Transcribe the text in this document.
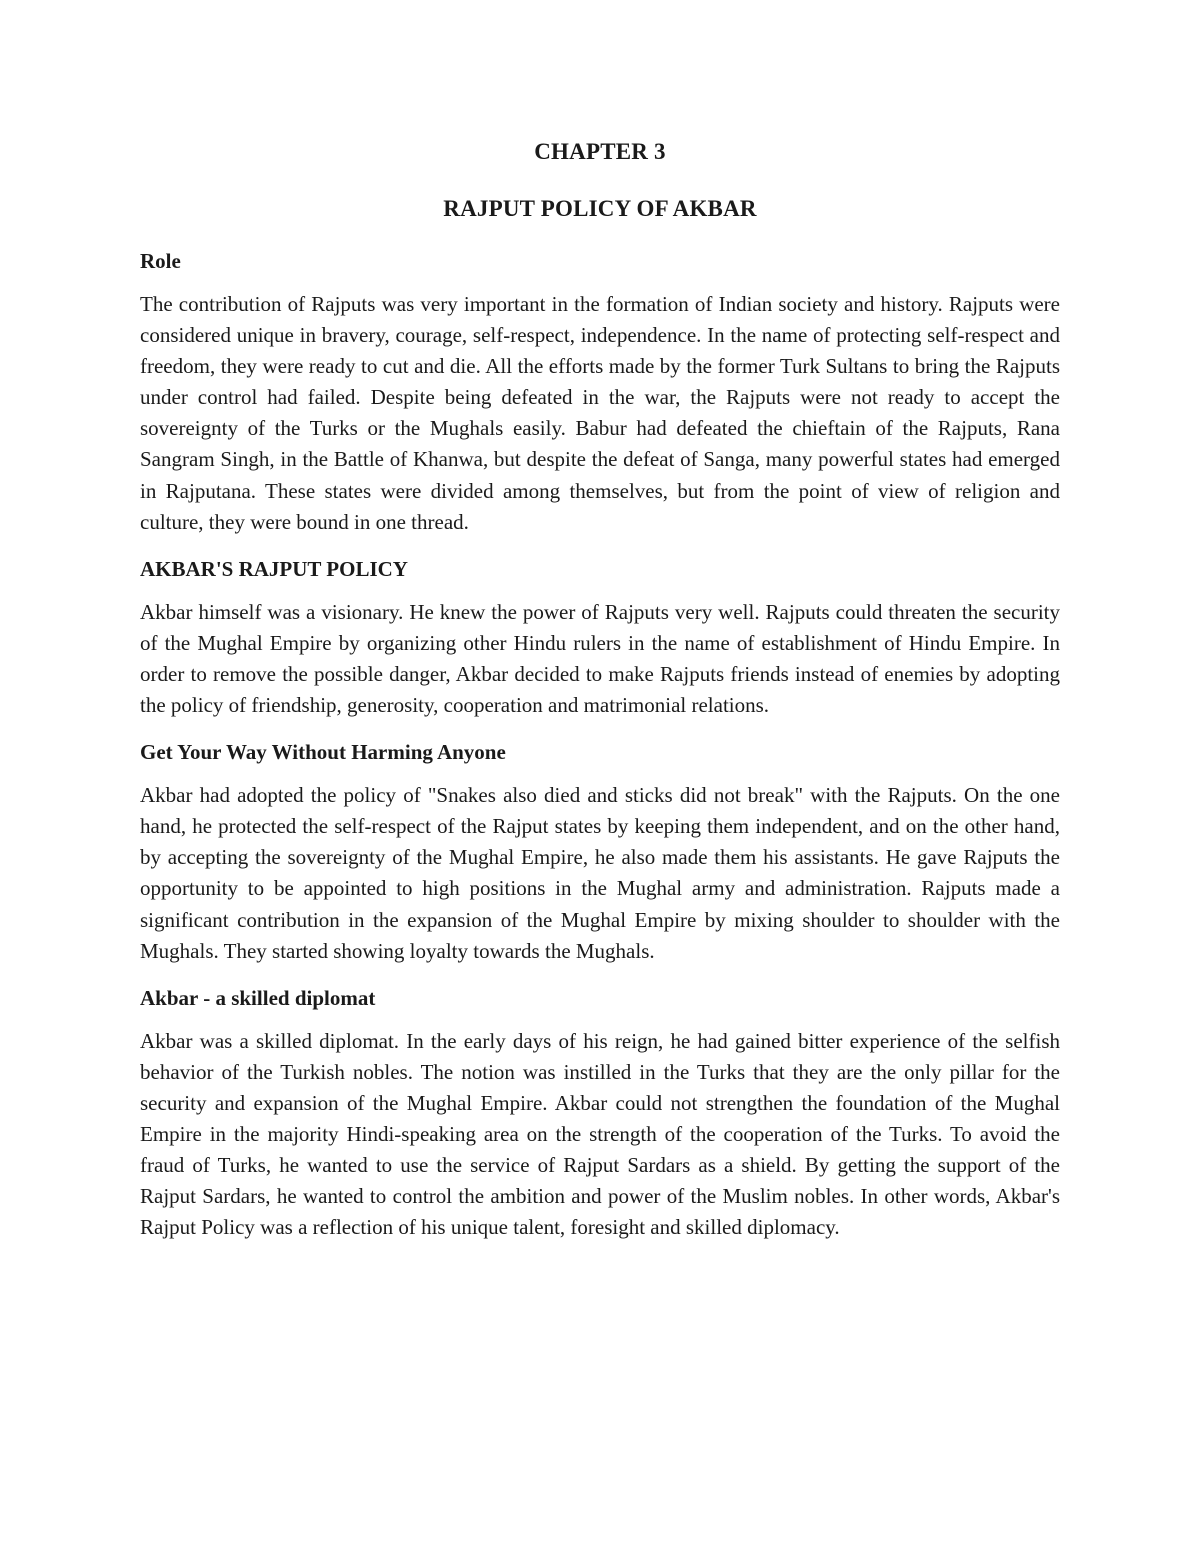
CHAPTER 3
RAJPUT POLICY OF AKBAR
Role

The contribution of Rajputs was very important in the formation of Indian society and history. Rajputs were considered unique in bravery, courage, self-respect, independence. In the name of protecting self-respect and freedom, they were ready to cut and die. All the efforts made by the former Turk Sultans to bring the Rajputs under control had failed. Despite being defeated in the war, the Rajputs were not ready to accept the sovereignty of the Turks or the Mughals easily. Babur had defeated the chieftain of the Rajputs, Rana Sangram Singh, in the Battle of Khanwa, but despite the defeat of Sanga, many powerful states had emerged in Rajputana. These states were divided among themselves, but from the point of view of religion and culture, they were bound in one thread.

AKBAR'S RAJPUT POLICY

Akbar himself was a visionary. He knew the power of Rajputs very well. Rajputs could threaten the security of the Mughal Empire by organizing other Hindu rulers in the name of establishment of Hindu Empire. In order to remove the possible danger, Akbar decided to make Rajputs friends instead of enemies by adopting the policy of friendship, generosity, cooperation and matrimonial relations.

Get Your Way Without Harming Anyone

Akbar had adopted the policy of "Snakes also died and sticks did not break" with the Rajputs. On the one hand, he protected the self-respect of the Rajput states by keeping them independent, and on the other hand, by accepting the sovereignty of the Mughal Empire, he also made them his assistants. He gave Rajputs the opportunity to be appointed to high positions in the Mughal army and administration. Rajputs made a significant contribution in the expansion of the Mughal Empire by mixing shoulder to shoulder with the Mughals. They started showing loyalty towards the Mughals.

Akbar - a skilled diplomat

Akbar was a skilled diplomat. In the early days of his reign, he had gained bitter experience of the selfish behavior of the Turkish nobles. The notion was instilled in the Turks that they are the only pillar for the security and expansion of the Mughal Empire. Akbar could not strengthen the foundation of the Mughal Empire in the majority Hindi-speaking area on the strength of the cooperation of the Turks. To avoid the fraud of Turks, he wanted to use the service of Rajput Sardars as a shield. By getting the support of the Rajput Sardars, he wanted to control the ambition and power of the Muslim nobles. In other words, Akbar's Rajput Policy was a reflection of his unique talent, foresight and skilled diplomacy.
